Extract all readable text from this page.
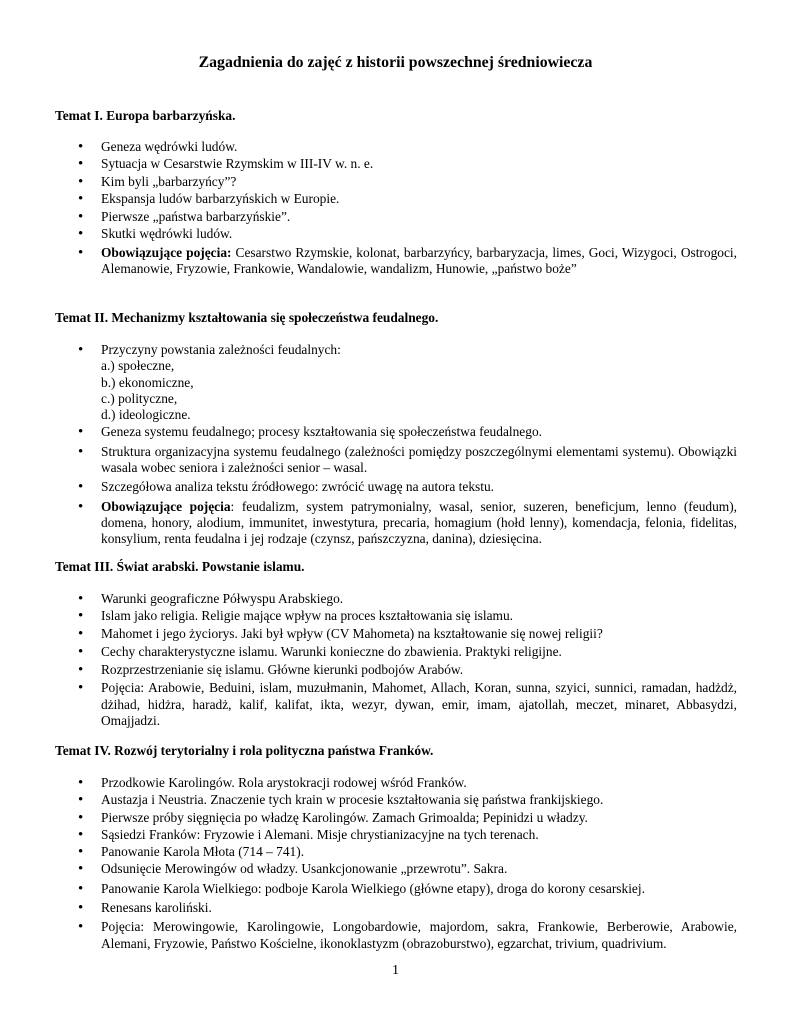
Zagadnienia do zajęć z historii powszechnej średniowiecza
Temat I. Europa barbarzyńska.
• Geneza wędrówki ludów.
• Sytuacja w Cesarstwie Rzymskim w III-IV w. n. e.
• Kim byli „barbarzyńcy”?
• Ekspansja ludów barbarzyńskich w Europie.
• Pierwsze „państwa barbarzyńskie”.
• Skutki wędrówki ludów.
• Obowiązujące pojęcia: Cesarstwo Rzymskie, kolonat, barbarzyńcy, barbaryzacja, limes, Goci, Wizygoci, Ostrogoci, Alemanowie, Fryzowie, Frankowie, Wandalowie, wandalizm, Hunowie, „państwo boże”
Temat II. Mechanizmy kształtowania się społeczeństwa feudalnego.
• Przyczyny powstania zależności feudalnych:
a.) społeczne,
b.) ekonomiczne,
c.) polityczne,
d.) ideologiczne.
• Geneza systemu feudalnego; procesy kształtowania się społeczeństwa feudalnego.
• Struktura organizacyjna systemu feudalnego (zależności pomiędzy poszczególnymi elementami systemu). Obowiązki wasala wobec seniora i zależności senior – wasal.
• Szczegółowa analiza tekstu źródłowego: zwrócić uwagę na autora tekstu.
• Obowiązujące pojęcia: feudalizm, system patrymonialny, wasal, senior, suzeren, beneficjum, lenno (feudum), domena, honory, alodium, immunitet, inwestytura, precaria, homagium (hołd lenny), komendacja, felonia, fidelitas, konsylium, renta feudalna i jej rodzaje (czynsz, pańszczyzna, danina), dziesięcina.
Temat III. Świat arabski. Powstanie islamu.
• Warunki geograficzne Półwyspu Arabskiego.
• Islam jako religia. Religie mające wpływ na proces kształtowania się islamu.
• Mahomet i jego życiorys. Jaki był wpływ (CV Mahometa) na kształtowanie się nowej religii?
• Cechy charakterystyczne islamu. Warunki konieczne do zbawienia. Praktyki religijne.
• Rozprzestrzenianie się islamu. Główne kierunki podbojów Arabów.
• Pojęcia: Arabowie, Beduini, islam, muzułmanin, Mahomet, Allach, Koran, sunna, szyici, sunnici, ramadan, hadżdż, dżihad, hidżra, haradż, kalif, kalifat, ikta, wezyr, dywan, emir, imam, ajatollah, meczet, minaret, Abbasydzi, Omajjadzi.
Temat IV. Rozwój terytorialny i rola polityczna państwa Franków.
• Przodkowie Karolingów. Rola arystokracji rodowej wśród Franków.
• Austazja i Neustria. Znaczenie tych krain w procesie kształtowania się państwa frankijskiego.
• Pierwsze próby sięgnięcia po władzę Karolingów. Zamach Grimoalda; Pepinidzi u władzy.
• Sąsiedzi Franków: Fryzowie i Alemani. Misje chrystianizacyjne na tych terenach.
• Panowanie Karola Młota (714 – 741).
• Odsunięcie Merowingów od władzy. Usankcjonowanie „przewrotu”. Sakra.
• Panowanie Karola Wielkiego: podboje Karola Wielkiego (główne etapy), droga do korony cesarskiej.
• Renesans karoliński.
• Pojęcia: Merowingowie, Karolingowie, Longobardowie, majordom, sakra, Frankowie, Berberowie, Arabowie, Alemani, Fryzowie, Państwo Kościelne, ikonoklastyzm (obrazoburstwo), egzarchat, trivium, quadrivium.
1
